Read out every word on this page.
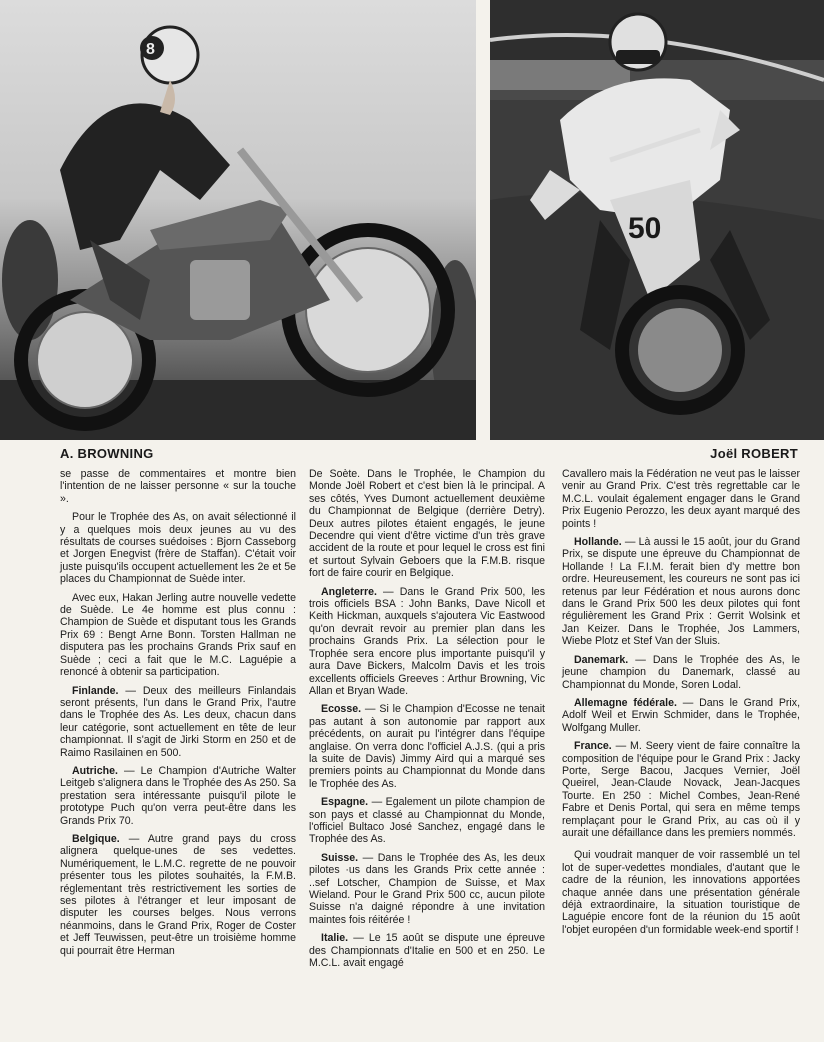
8
50
A. BROWNING	Joël ROBERT

se passe de commentaires et montre bien l'intention de ne laisser personne « sur la touche ».

Pour le Trophée des As, on avait sélectionné il y a quelques mois deux jeunes au vu des résultats de courses suédoises : Bjorn Casseborg et Jorgen Enegvist (frère de Staffan). C'était voir juste puisqu'ils occupent actuellement les 2e et 5e places du Championnat de Suède inter.

Avec eux, Hakan Jerling autre nouvelle vedette de Suède. Le 4e homme est plus connu : Champion de Suède et disputant tous les Grands Prix 69 : Bengt Arne Bonn. Torsten Hallman ne disputera pas les prochains Grands Prix sauf en Suède ; ceci a fait que le M.C. Laguépie a renoncé à obtenir sa participation.

Finlande. — Deux des meilleurs Finlandais seront présents, l'un dans le Grand Prix, l'autre dans le Trophée des As. Les deux, chacun dans leur catégorie, sont actuellement en tête de leur championnat. Il s'agit de Jirki Storm en 250 et de Raimo Rasilainen en 500.

Autriche. — Le Champion d'Autriche Walter Leitgeb s'alignera dans le Trophée des As 250. Sa prestation sera intéressante puisqu'il pilote le prototype Puch qu'on verra peut-être dans les Grands Prix 70.

Belgique. — Autre grand pays du cross alignera quelque-unes de ses vedettes. Numériquement, le L.M.C. regrette de ne pouvoir présenter tous les pilotes souhaités, la F.M.B. réglementant très restrictivement les sorties de ses pilotes à l'étranger et leur imposant de disputer les courses belges. Nous verrons néanmoins, dans le Grand Prix, Roger de Coster et Jeff Teuwissen, peut-être un troisième homme qui pourrait être Herman

De Soète. Dans le Trophée, le Champion du Monde Joël Robert et c'est bien là le principal. A ses côtés, Yves Dumont actuellement deuxième du Championnat de Belgique (derrière Detry). Deux autres pilotes étaient engagés, le jeune Decendre qui vient d'être victime d'un très grave accident de la route et pour lequel le cross est fini et surtout Sylvain Geboers que la F.M.B. risque fort de faire courir en Belgique.

Angleterre. — Dans le Grand Prix 500, les trois officiels BSA : John Banks, Dave Nicoll et Keith Hickman, auxquels s'ajoutera Vic Eastwood qu'on devrait revoir au premier plan dans les prochains Grands Prix. La sélection pour le Trophée sera encore plus importante puisqu'il y aura Dave Bickers, Malcolm Davis et les trois excellents officiels Greeves : Arthur Browning, Vic Allan et Bryan Wade.

Ecosse. — Si le Champion d'Ecosse ne tenait pas autant à son autonomie par rapport aux précédents, on aurait pu l'intégrer dans l'équipe anglaise. On verra donc l'officiel A.J.S. (qui a pris la suite de Davis) Jimmy Aird qui a marqué ses premiers points au Championnat du Monde dans le Trophée des As.

Espagne. — Egalement un pilote champion de son pays et classé au Championnat du Monde, l'officiel Bultaco José Sanchez, engagé dans le Trophée des As.

Suisse. — Dans le Trophée des As, les deux pilotes ·us dans les Grands Prix cette année : ..sef Lotscher, Champion de Suisse, et Max Wieland. Pour le Grand Prix 500 cc, aucun pilote Suisse n'a daigné répondre à une invitation maintes fois réitérée !

Italie. — Le 15 août se dispute une épreuve des Championnats d'Italie en 500 et en 250. Le M.C.L. avait engagé

Cavallero mais la Fédération ne veut pas le laisser venir au Grand Prix. C'est très regrettable car le M.C.L. voulait également engager dans le Grand Prix Eugenio Perozzo, les deux ayant marqué des points !

Hollande. — Là aussi le 15 août, jour du Grand Prix, se dispute une épreuve du Championnat de Hollande ! La F.I.M. ferait bien d'y mettre bon ordre. Heureusement, les coureurs ne sont pas ici retenus par leur Fédération et nous aurons donc dans le Grand Prix 500 les deux pilotes qui font régulièrement les Grand Prix : Gerrit Wolsink et Jan Keizer. Dans le Trophée, Jos Lammers, Wiebe Plotz et Stef Van der Sluis.

Danemark. — Dans le Trophée des As, le jeune champion du Danemark, classé au Championnat du Monde, Soren Lodal.

Allemagne fédérale. — Dans le Grand Prix, Adolf Weil et Erwin Schmider, dans le Trophée, Wolfgang Muller.

France. — M. Seery vient de faire connaître la composition de l'équipe pour le Grand Prix : Jacky Porte, Serge Bacou, Jacques Vernier, Joël Queirel, Jean-Claude Novack, Jean-Jacques Tourte. En 250 : Michel Combes, Jean-René Fabre et Denis Portal, qui sera en même temps remplaçant pour le Grand Prix, au cas où il y aurait une défaillance dans les premiers nommés.

Qui voudrait manquer de voir rassemblé un tel lot de super-vedettes mondiales, d'autant que le cadre de la réunion, les innovations apportées chaque année dans une présentation générale déjà extraordinaire, la situation touristique de Laguépie encore font de la réunion du 15 août l'objet européen d'un formidable week-end sportif !
